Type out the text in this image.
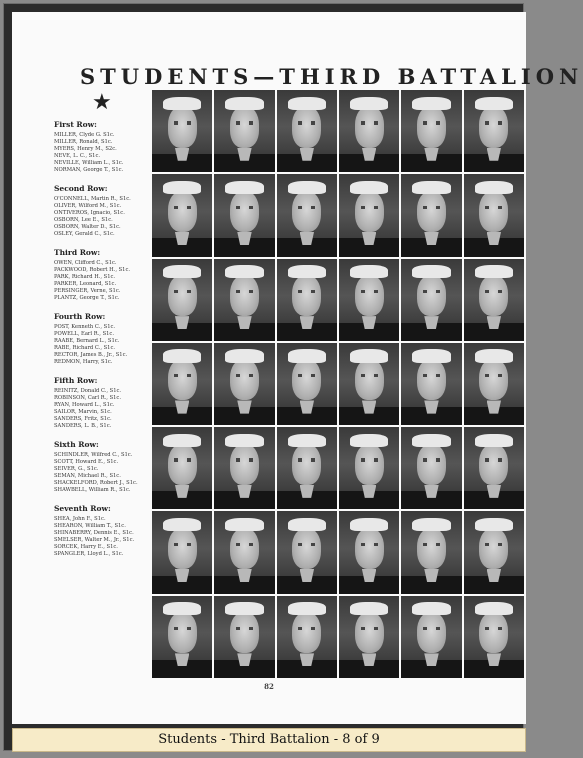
STUDENTS—THIRD BATTALION
★
First Row:
MILLER, Clyde G. S1c.
MILLER, Ronald, S1c.
MYERS, Henry M., S2c.
NEVE, L. C., S1c.
NEVILLE, William L., S1c.
NORMAN, George T., S1c.
Second Row:
O'CONNELL, Martin R., S1c.
OLIVER, Wilford M., S1c.
ONTIVEROS, Ignacio, S1c.
OSBORN, Lee E., S1c.
OSBORN, Walter D., S1c.
OSLEY, Gerald C., S1c.
Third Row:
OWEN, Clifford C., S1c.
PACKWOOD, Robert H., S1c.
PARK, Richard H., S1c.
PARKER, Leonard, S1c.
PERSINGER, Verne, S1c.
PLANTZ, George T., S1c.
Fourth Row:
POST, Kenneth C., S1c.
POWELL, Earl R., S1c.
RAABE, Bernard L., S1c.
RABE, Richard C., S1c.
RECTOR, James B., Jr., S1c.
REDMON, Harry, S1c.
Fifth Row:
REINITZ, Donald C., S1c.
ROBINSON, Carl R., S1c.
RYAN, Howard L., S1c.
SAILOR, Marvin, S1c.
SANDERS, Fritz, S1c.
SANDERS, L. B., S1c.
Sixth Row:
SCHINDLER, Wilfred C., S1c.
SCOTT, Howard E., S1c.
SEIVER, G., S1c.
SEMAN, Michael R., S1c.
SHACKELFORD, Robert J., S1c.
SHAWBELL, William R., S1c.
Seventh Row:
SHEA, John F., S1c.
SHEARON, William T., S1c.
SHINABERRY, Dennis E., S1c.
SMELSER, Walter M., Jr., S1c.
SORCEK, Harry E., S1c.
SPANGLER, Lloyd L., S1c.
82
Students - Third Battalion - 8 of 9
